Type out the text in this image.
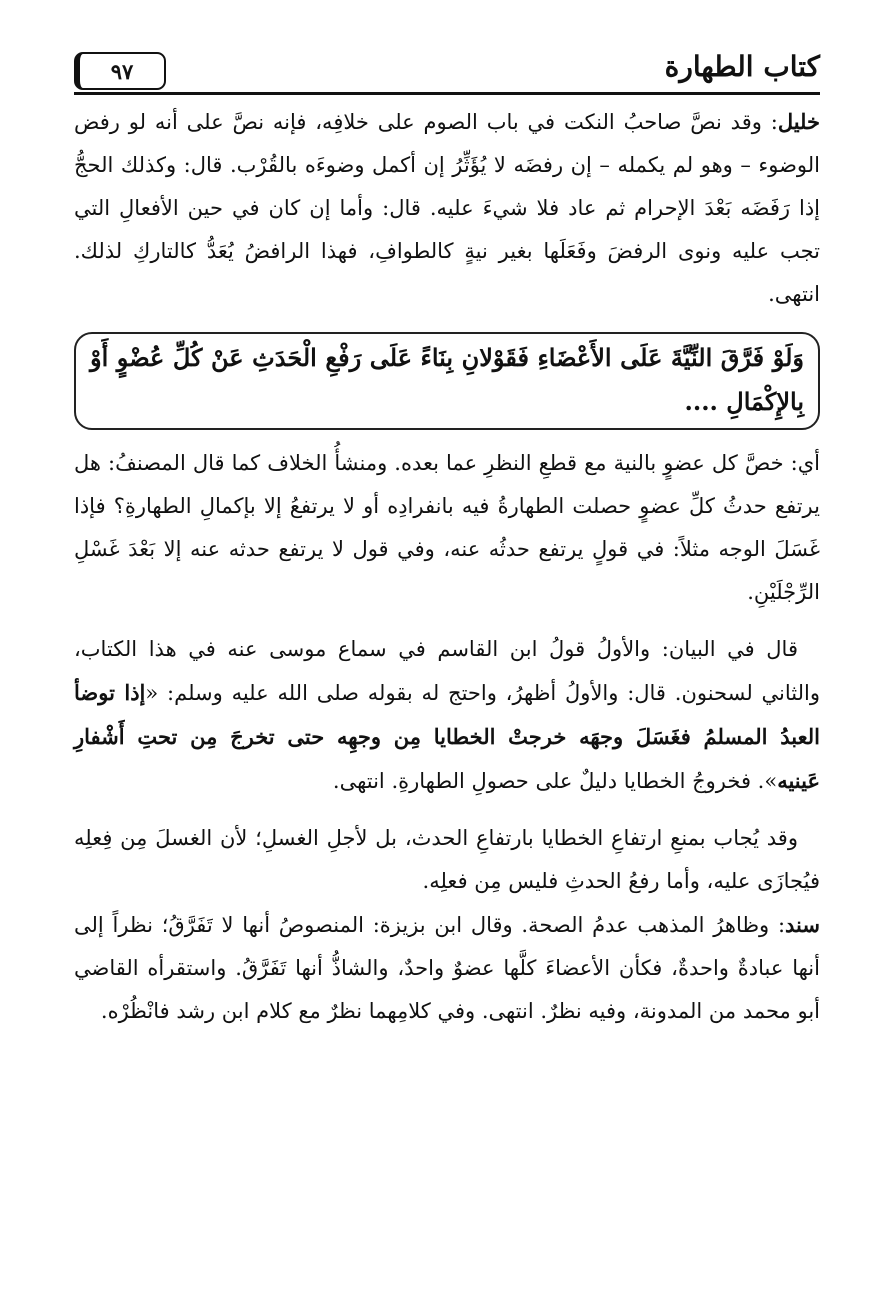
كتاب الطهارة
٩٧

خليل: وقد نصَّ صاحبُ النكت في باب الصوم على خلافِه، فإنه نصَّ على أنه لو رفض الوضوء – وهو لم يكمله – إن رفضَه لا يُؤَثِّرُ إن أكمل وضوءَه بالقُرْب. قال: وكذلك الحجُّ إذا رَفَضَه بَعْدَ الإحرام ثم عاد فلا شيءَ عليه. قال: وأما إن كان في حين الأفعالِ التي تجب عليه ونوى الرفضَ وفَعَلَها بغير نيةٍ كالطوافِ، فهذا الرافضُ يُعَدُّ كالتاركِ لذلك. انتهى.

وَلَوْ فَرَّقَ النِّيَّةَ عَلَى الأَعْضَاءِ فَقَوْلانِ بِنَاءً عَلَى رَفْعِ الْحَدَثِ عَنْ كُلِّ عُضْوٍ أَوْ بِالإِكْمَالِ ....

أي: خصَّ كل عضوٍ بالنية مع قطعِ النظرِ عما بعده. ومنشأُ الخلاف كما قال المصنفُ: هل يرتفع حدثُ كلِّ عضوٍ حصلت الطهارةُ فيه بانفرادِه أو لا يرتفعُ إلا بإكمالِ الطهارةِ؟ فإذا غَسَلَ الوجه مثلاً: في قولٍ يرتفع حدثُه عنه، وفي قول لا يرتفع حدثه عنه إلا بَعْدَ غَسْلِ الرِّجْلَيْنِ.

قال في البيان: والأولُ قولُ ابن القاسم في سماع موسى عنه في هذا الكتاب، والثاني لسحنون. قال: والأولُ أظهرُ، واحتج له بقوله صلى الله عليه وسلم: «إذا توضأ العبدُ المسلمُ فغَسَلَ وجهَه خرجتْ الخطايا مِن وجهِه حتى تخرجَ مِن تحتِ أَشْفارِ عَينيه». فخروجُ الخطايا دليلٌ على حصولِ الطهارةِ. انتهى.

وقد يُجاب بمنعِ ارتفاعِ الخطايا بارتفاعِ الحدث، بل لأجلِ الغسلِ؛ لأن الغسلَ مِن فِعلِه فيُجازَى عليه، وأما رفعُ الحدثِ فليس مِن فعلِه.

سند: وظاهرُ المذهب عدمُ الصحة. وقال ابن بزيزة: المنصوصُ أنها لا تَفَرَّقُ؛ نظراً إلى أنها عبادةٌ واحدةٌ، فكأن الأعضاءَ كلَّها عضوٌ واحدٌ، والشاذُّ أنها تَفَرَّقُ. واستقرأه القاضي أبو محمد من المدونة، وفيه نظرٌ. انتهى. وفي كلامِهما نظرٌ مع كلام ابن رشد فانْظُرْه.
